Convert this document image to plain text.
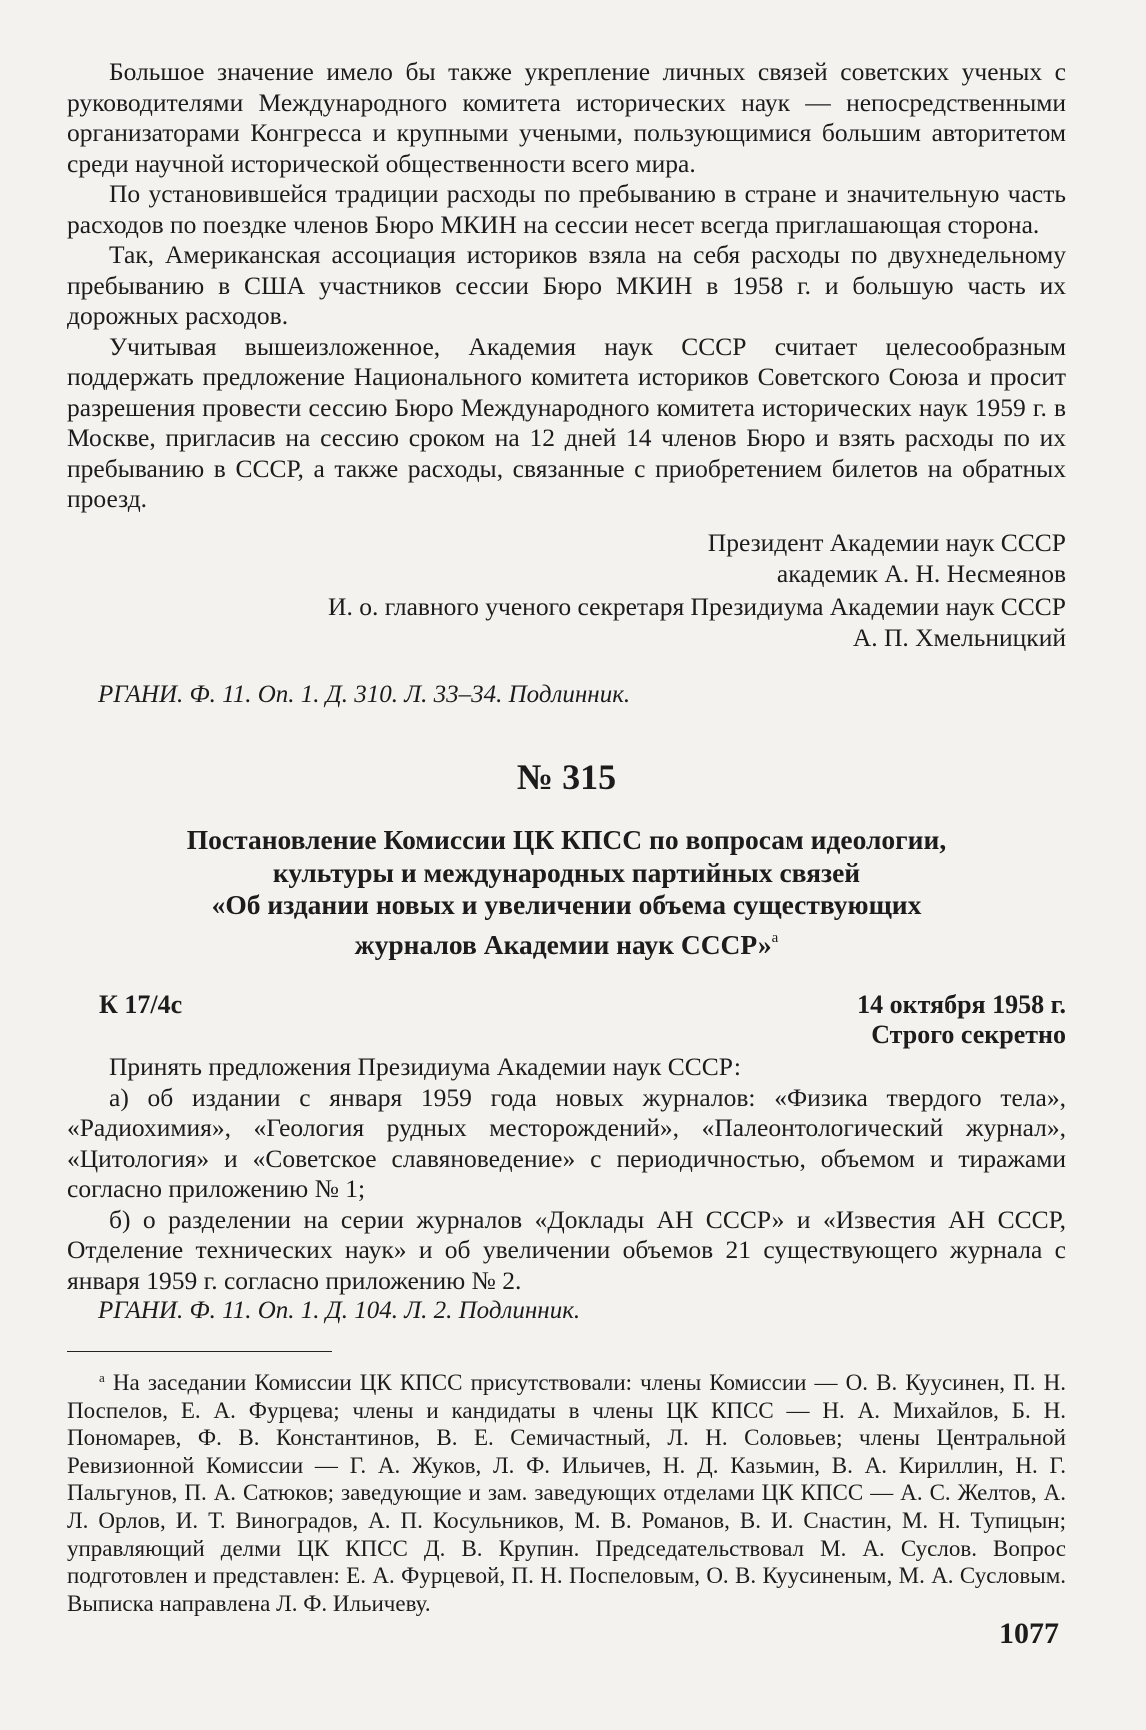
Большое значение имело бы также укрепление личных связей советских ученых с руководителями Международного комитета исторических наук — непосредственными организаторами Конгресса и крупными учеными, пользующимися большим авторитетом среди научной исторической общественности всего мира.

По установившейся традиции расходы по пребыванию в стране и значительную часть расходов по поездке членов Бюро МКИН на сессии несет всегда приглашающая сторона.

Так, Американская ассоциация историков взяла на себя расходы по двухнедельному пребыванию в США участников сессии Бюро МКИН в 1958 г. и большую часть их дорожных расходов.

Учитывая вышеизложенное, Академия наук СССР считает целесообразным поддержать предложение Национального комитета историков Советского Союза и просит разрешения провести сессию Бюро Международного комитета исторических наук 1959 г. в Москве, пригласив на сессию сроком на 12 дней 14 членов Бюро и взять расходы по их пребыванию в СССР, а также расходы, связанные с приобретением билетов на обратных проезд.

Президент Академии наук СССР

академик А. Н. Несмеянов

И. о. главного ученого секретаря Президиума Академии наук СССР

А. П. Хмельницкий

РГАНИ. Ф. 11. Оп. 1. Д. 310. Л. 33–34. Подлинник.

№ 315

Постановление Комиссии ЦК КПСС по вопросам идеологии,

культуры и международных партийных связей

«Об издании новых и увеличении объема существующих

журналов Академии наук СССР»$^а$

К 17/4с	14 октября 1958 г.
Строго секретно

Принять предложения Президиума Академии наук СССР:

а) об издании с января 1959 года новых журналов: «Физика твердого тела», «Радиохимия», «Геология рудных месторождений», «Палеонтологический журнал», «Цитология» и «Советское славяноведение» с периодичностью, объемом и тиражами согласно приложению № 1;

б) о разделении на серии журналов «Доклады АН СССР» и «Известия АН СССР, Отделение технических наук» и об увеличении объемов 21 существующего журнала с января 1959 г. согласно приложению № 2.

РГАНИ. Ф. 11. Оп. 1. Д. 104. Л. 2. Подлинник.

$^а$ На заседании Комиссии ЦК КПСС присутствовали: члены Комиссии — О. В. Куусинен, П. Н. Поспелов, Е. А. Фурцева; члены и кандидаты в члены ЦК КПСС — Н. А. Михайлов, Б. Н. Пономарев, Ф. В. Константинов, В. Е. Семичастный, Л. Н. Соловьев; члены Центральной Ревизионной Комиссии — Г. А. Жуков, Л. Ф. Ильичев, Н. Д. Казьмин, В. А. Кириллин, Н. Г. Пальгунов, П. А. Сатюков; заведующие и зам. заведующих отделами ЦК КПСС — А. С. Желтов, А. Л. Орлов, И. Т. Виноградов, А. П. Косульников, М. В. Романов, В. И. Снастин, М. Н. Тупицын; управляющий делми ЦК КПСС Д. В. Крупин. Председательствовал М. А. Суслов. Вопрос подготовлен и представлен: Е. А. Фурцевой, П. Н. Поспеловым, О. В. Куусиненым, М. А. Сусловым. Выписка направлена Л. Ф. Ильичеву.

1077
